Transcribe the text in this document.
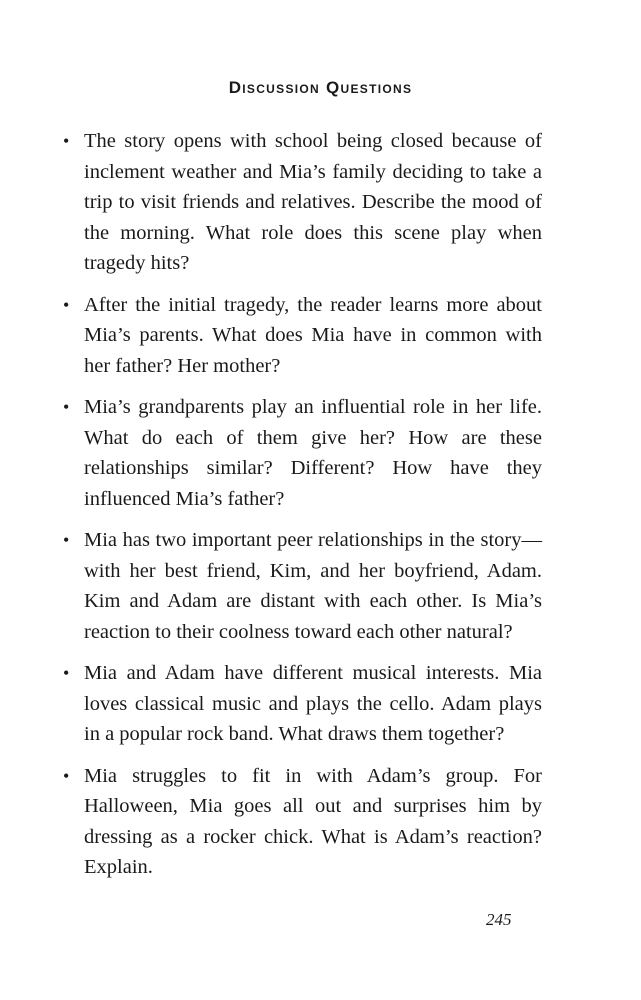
Discussion Questions
• The story opens with school being closed because of inclement weather and Mia’s family deciding to take a trip to visit friends and relatives. Describe the mood of the morning. What role does this scene play when tragedy hits?
• After the initial tragedy, the reader learns more about Mia’s parents. What does Mia have in common with her father? Her mother?
• Mia’s grandparents play an influential role in her life. What do each of them give her? How are these relationships similar? Different? How have they influenced Mia’s father?
• Mia has two important peer relationships in the story—with her best friend, Kim, and her boyfriend, Adam. Kim and Adam are distant with each other. Is Mia’s reaction to their coolness toward each other natural?
• Mia and Adam have different musical interests. Mia loves classical music and plays the cello. Adam plays in a popular rock band. What draws them together?
• Mia struggles to fit in with Adam’s group. For Halloween, Mia goes all out and surprises him by dressing as a rocker chick. What is Adam’s reaction? Explain.
245
